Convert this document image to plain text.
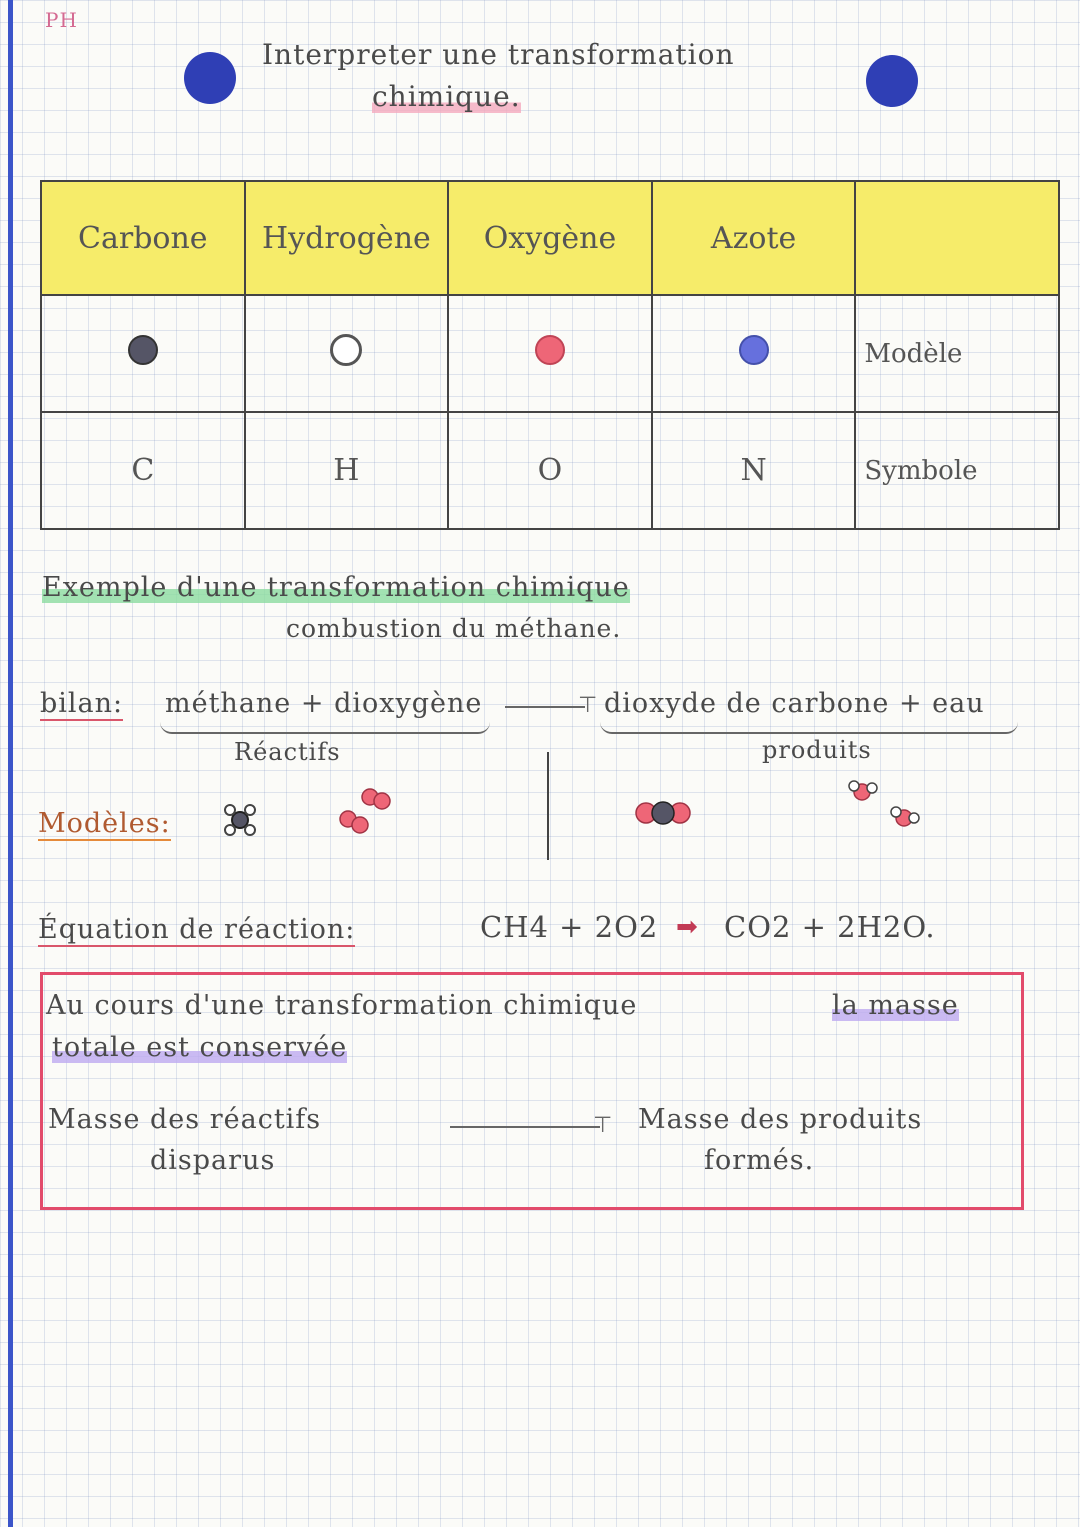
PH
Interpreter une transformation
chimique.
Carbone	Hydrogène	Oxygène	Azote	
				Modèle
C	H	O	N	Symbole
Exemple d'une transformation chimique
combustion du méthane.
bilan: méthane + dioxygène
Réactifs
⊤ dioxyde de carbone + eau
produits
Modèles:
Équation de réaction:	CH4 + 2O2 ➡ CO2 + 2H2O.
Au cours d'une transformation chimique	la masse
totale est conservée
Masse des réactifs
disparus
⊤ Masse des produits
formés.
